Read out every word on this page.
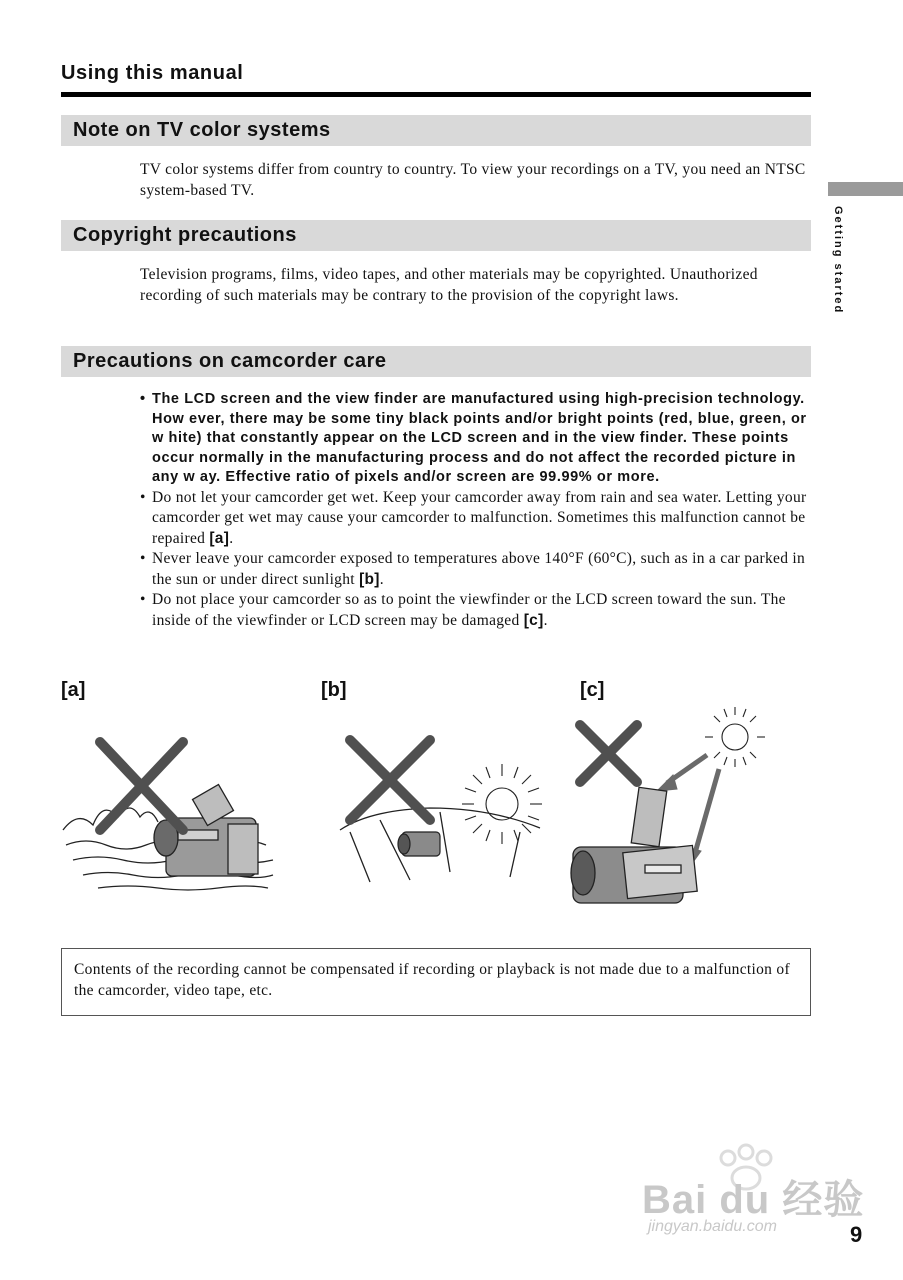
Using this manual
Getting started
Note on TV color systems

TV color systems differ from country to country. To view your recordings on a TV, you need an NTSC system-based TV.

Copyright precautions

Television programs, films, video tapes, and other materials may be copyrighted. Unauthorized recording of such materials may be contrary to the provision of the copyright laws.

Precautions on camcorder care
• The LCD screen and the view finder are manufactured using high-precision technology. How ever, there may be some tiny black points and/or bright points (red, blue, green, or w hite) that constantly appear on the LCD screen and in the view finder. These points occur normally in the manufacturing process and do not affect the recorded picture in any w ay. Effective ratio of pixels and/or screen are 99.99% or more.
• Do not let your camcorder get wet. Keep your camcorder away from rain and sea water. Letting your camcorder get wet may cause your camcorder to malfunction. Sometimes this malfunction cannot be repaired [a].
• Never leave your camcorder exposed to temperatures above 140°F (60°C), such as in a car parked in the sun or under direct sunlight [b].
• Do not place your camcorder so as to point the viewfinder or the LCD screen toward the sun. The inside of the viewfinder or LCD screen may be damaged [c].
[a]	[b]	[c]
Contents of the recording cannot be compensated if recording or playback is not made due to a malfunction of the camcorder, video tape, etc.
Bai du 经验
jingyan.baidu.com	9
